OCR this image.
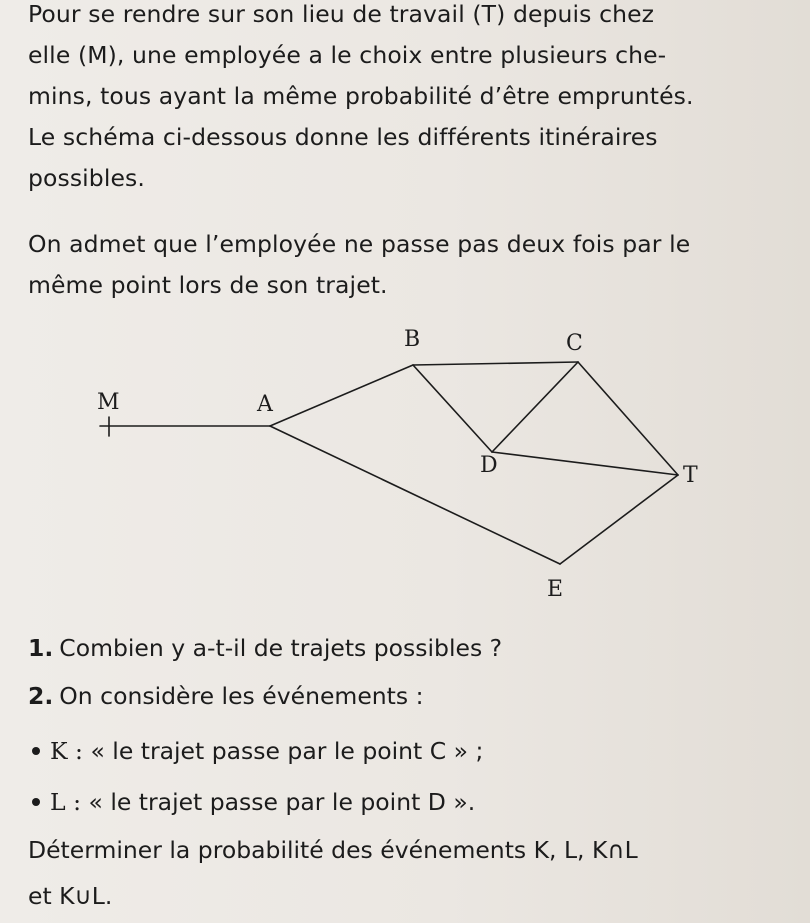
Pour se rendre sur son lieu de travail (T) depuis chez
elle (M), une employée a le choix entre plusieurs che-
mins, tous ayant la même probabilité d’être empruntés.
Le schéma ci-dessous donne les différents itinéraires
possibles.

On admet que l’employée ne passe pas deux fois par le
même point lors de son trajet.

M	A
B	C
D	T
E
1. Combien y a-t-il de trajets possibles ?
2. On considère les événements :
K : « le trajet passe par le point C » ;
L : « le trajet passe par le point D ».
Déterminer la probabilité des événements K, L, K∩L
et K∪L.
